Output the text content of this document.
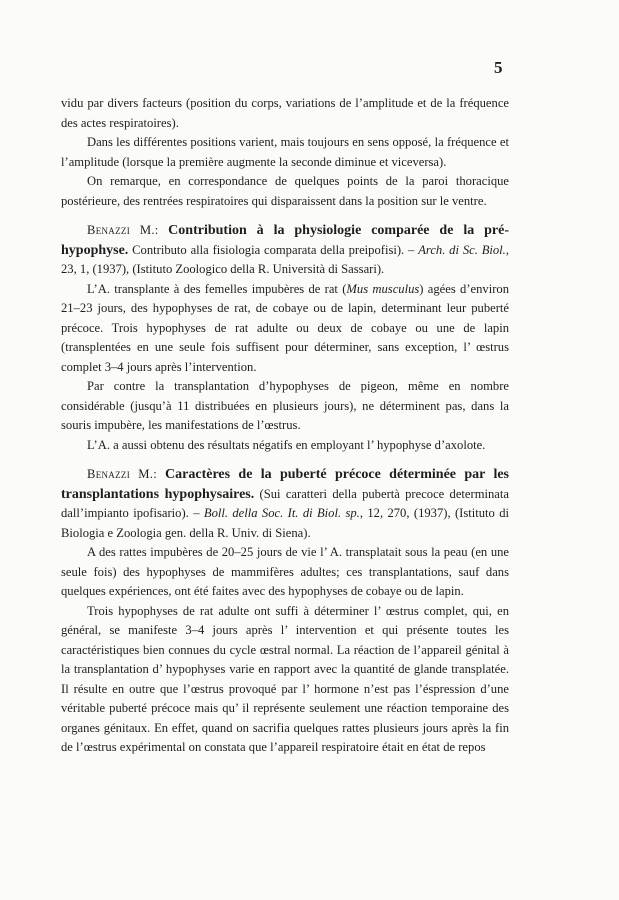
5

vidu par divers facteurs (position du corps, variations de l’amplitude et de la fréquence des actes respiratoires).

Dans les différentes positions varient, mais toujours en sens opposé, la fréquence et l’amplitude (lorsque la première augmente la seconde diminue et viceversa).

On remarque, en correspondance de quelques points de la paroi thoracique postérieure, des rentrées respiratoires qui disparaissent dans la position sur le ventre.

Benazzi M.: Contribution à la physiologie comparée de la pré-hypophyse. Contributo alla fisiologia comparata della preipofisi). – Arch. di Sc. Biol., 23, 1, (1937), (Istituto Zoologico della R. Università di Sassari).

L’A. transplante à des femelles impubères de rat (Mus musculus) agées d’environ 21–23 jours, des hypophyses de rat, de cobaye ou de lapin, determinant leur puberté précoce. Trois hypophyses de rat adulte ou deux de cobaye ou une de lapin (transplentées en une seule fois suffisent pour déterminer, sans exception, l’ œstrus complet 3–4 jours après l’intervention.

Par contre la transplantation d’hypophyses de pigeon, même en nombre considérable (jusqu’à 11 distribuées en plusieurs jours), ne déterminent pas, dans la souris impubère, les manifestations de l’œstrus.

L’A. a aussi obtenu des résultats négatifs en employant l’ hypophyse d’axolote.

Benazzi M.: Caractères de la puberté précoce déterminée par les transplantations hypophysaires. (Sui caratteri della pubertà precoce determinata dall’impianto ipofisario). – Boll. della Soc. It. di Biol. sp., 12, 270, (1937), (Istituto di Biologia e Zoologia gen. della R. Univ. di Siena).

A des rattes impubères de 20–25 jours de vie l’ A. transplatait sous la peau (en une seule fois) des hypophyses de mammifères adultes; ces transplantations, sauf dans quelques expériences, ont été faites avec des hypophyses de cobaye ou de lapin.

Trois hypophyses de rat adulte ont suffi à déterminer l’ œstrus complet, qui, en général, se manifeste 3–4 jours après l’ intervention et qui présente toutes les caractéristiques bien connues du cycle œstral normal. La réaction de l’appareil génital à la transplantation d’ hypophyses varie en rapport avec la quantité de glande transplatée. Il résulte en outre que l’œstrus provoqué par l’ hormone n’est pas l’éspression d’une véritable puberté précoce mais qu’ il représente seulement une réaction temporaine des organes génitaux. En effet, quand on sacrifia quelques rattes plusieurs jours après la fin de l’œstrus expérimental on constata que l’appareil respiratoire était en état de repos
